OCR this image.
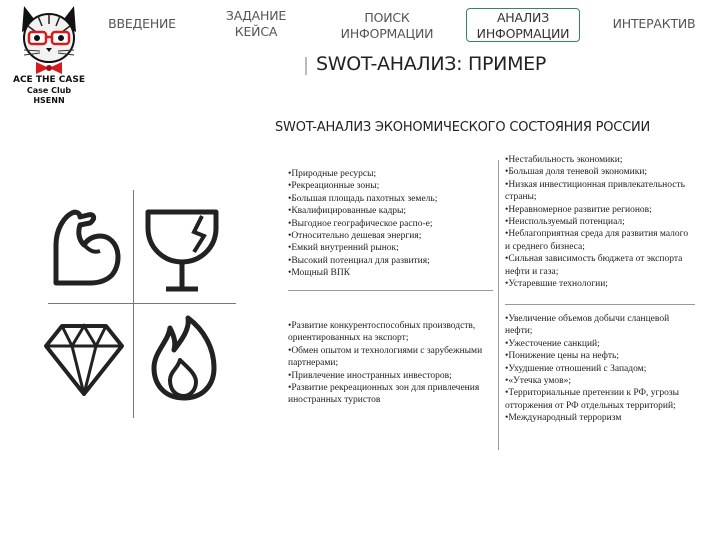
ACE THE CASE
Case Club
HSENN
ВВЕДЕНИЕ
ЗАДАНИЕ
КЕЙСА
ПОИСК
ИНФОРМАЦИИ
АНАЛИЗ
ИНФОРМАЦИИ
ИНТЕРАКТИВ
SWOT-АНАЛИЗ: ПРИМЕР
SWOT-АНАЛИЗ ЭКОНОМИЧЕСКОГО СОСТОЯНИЯ РОССИИ
•Природные ресурсы;
•Рекреационные зоны;
•Большая площадь пахотных земель;
•Квалифицированные кадры;
•Выгодное географическое распо-е;
•Относительно дешевая энергия;
•Емкий внутренний рынок;
•Высокий потенциал для развития;
•Мощный ВПК
•Нестабильность экономики;
•Большая доля теневой экономики;
•Низкая инвестиционная привлекательность страны;
•Неравномерное развитие регионов;
•Неиспользуемый потенциал;
•Неблагоприятная среда для развития малого и среднего бизнеса;
•Сильная зависимость бюджета от экспорта нефти и газа;
•Устаревшие технологии;
•Развитие конкурентоспособных производств, ориентированных на экспорт;
•Обмен опытом и технологиями с зарубежными партнерами;
•Привлечение иностранных инвесторов;
•Развитие рекреационных зон для привлечения иностранных туристов
•Увеличение объемов добычи сланцевой нефти;
•Ужесточение санкций;
•Понижение цены на нефть;
•Ухудшение отношений с Западом;
•«Утечка умов»;
•Территориальные претензии к РФ, угрозы отторжения от РФ отдельных территорий;
•Международный терроризм
